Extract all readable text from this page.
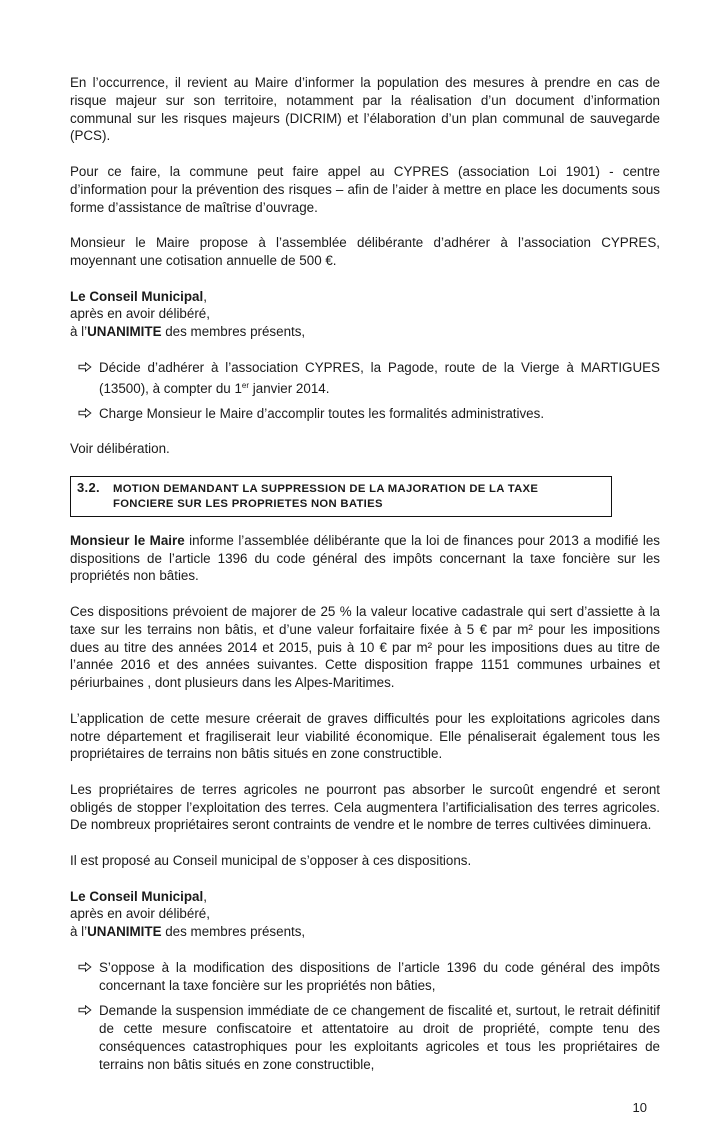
En l’occurrence, il revient au Maire d’informer la population des mesures à prendre en cas de risque majeur sur son territoire, notamment par la réalisation d’un document d’information communal sur les risques majeurs (DICRIM) et l’élaboration d’un plan communal de sauvegarde (PCS).

Pour ce faire, la commune peut faire appel au CYPRES (association Loi 1901) - centre d’information pour la prévention des risques – afin de l’aider à mettre en place les documents sous forme d’assistance de maîtrise d’ouvrage.

Monsieur le Maire propose à l’assemblée délibérante d’adhérer à l’association CYPRES, moyennant une cotisation annuelle de 500 €.

Le Conseil Municipal,

après en avoir délibéré,

à l’UNANIMITE des membres présents,

Décide d’adhérer à l’association CYPRES, la Pagode, route de la Vierge à MARTIGUES (13500), à compter du 1er janvier 2014.

Charge Monsieur le Maire d’accomplir toutes les formalités administratives.

Voir délibération.

3.2. MOTION DEMANDANT LA SUPPRESSION DE LA MAJORATION DE LA TAXE
FONCIERE SUR LES PROPRIETES NON BATIES

Monsieur le Maire informe l’assemblée délibérante que la loi de finances pour 2013 a modifié les dispositions de l’article 1396 du code général des impôts concernant la taxe foncière sur les propriétés non bâties.

Ces dispositions prévoient de majorer de 25 % la valeur locative cadastrale qui sert d’assiette à la taxe sur les terrains non bâtis, et d’une valeur forfaitaire fixée à 5 € par m² pour les impositions dues au titre des années 2014 et 2015, puis à 10 € par m² pour les impositions dues au titre de l’année 2016 et des années suivantes. Cette disposition frappe 1151 communes urbaines et périurbaines , dont plusieurs dans les Alpes-Maritimes.

L’application de cette mesure créerait de graves difficultés pour les exploitations agricoles dans notre département et fragiliserait leur viabilité économique. Elle pénaliserait également tous les propriétaires de terrains non bâtis situés en zone constructible.

Les propriétaires de terres agricoles ne pourront pas absorber le surcoût engendré et seront obligés de stopper l’exploitation des terres. Cela augmentera l’artificialisation des terres agricoles. De nombreux propriétaires seront contraints de vendre et le nombre de terres cultivées diminuera.

Il est proposé au Conseil municipal de s’opposer à ces dispositions.

Le Conseil Municipal,

après en avoir délibéré,

à l’UNANIMITE des membres présents,

S’oppose à la modification des dispositions de l’article 1396 du code général des impôts concernant la taxe foncière sur les propriétés non bâties,

Demande la suspension immédiate de ce changement de fiscalité et, surtout, le retrait définitif de cette mesure confiscatoire et attentatoire au droit de propriété, compte tenu des conséquences catastrophiques pour les exploitants agricoles et tous les propriétaires de terrains non bâtis situés en zone constructible,

10
